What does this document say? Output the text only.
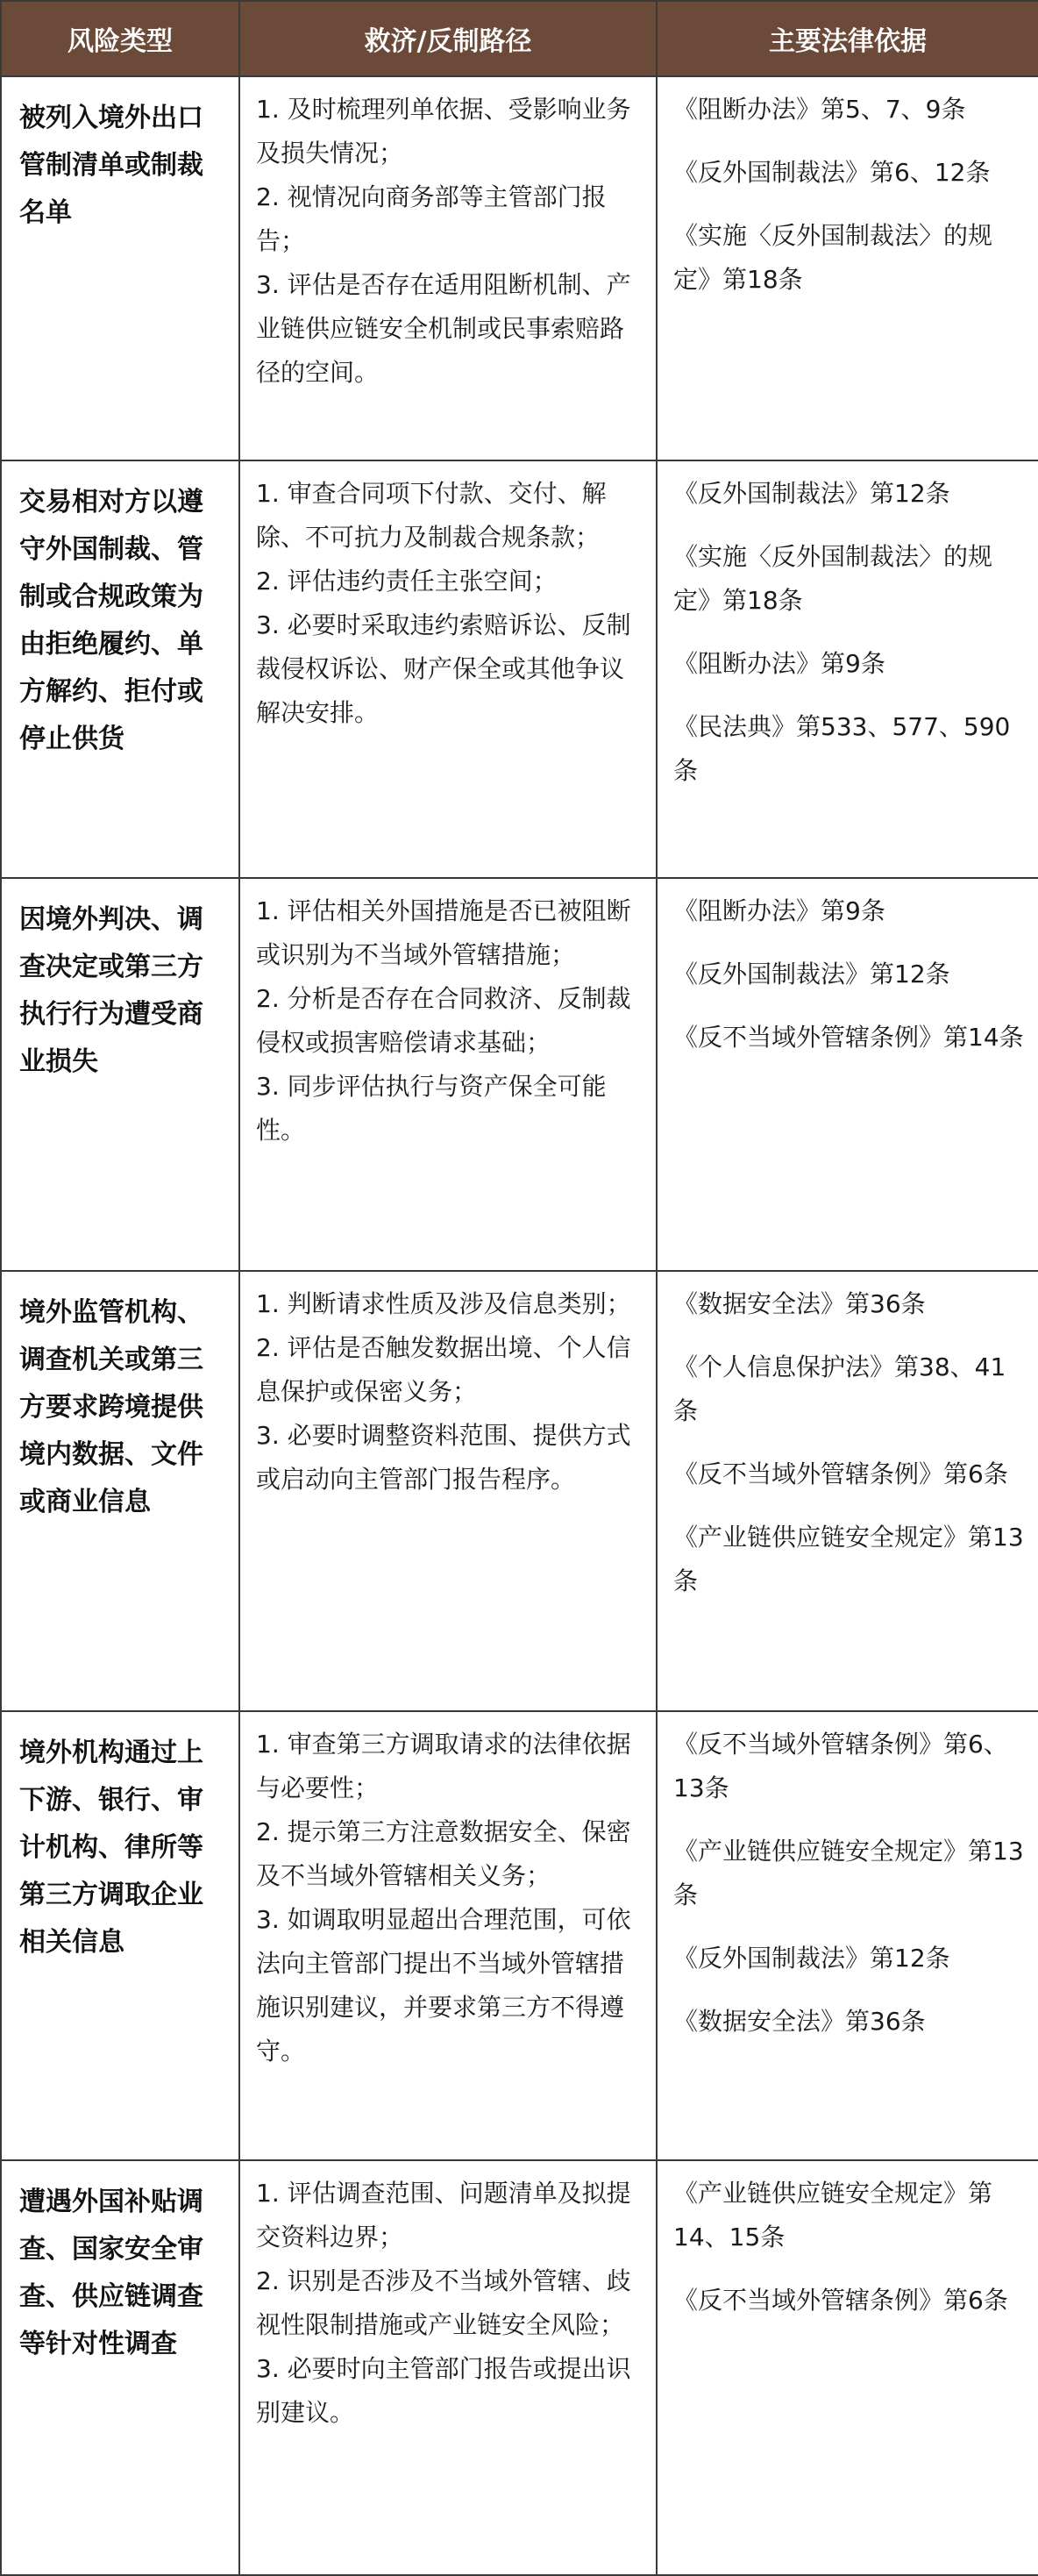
风险类型	救济/反制路径	主要法律依据
被列入境外出口管制清单或制裁名单	1. 及时梳理列单依据、受影响业务及损失情况；
2. 视情况向商务部等主管部门报告；
3. 评估是否存在适用阻断机制、产业链供应链安全机制或民事索赔路径的空间。	《阻断办法》第5、7、9条
《反外国制裁法》第6、12条
《实施〈反外国制裁法〉的规定》第18条

交易相对方以遵守外国制裁、管制或合规政策为由拒绝履约、单方解约、拒付或停止供货	1. 审查合同项下付款、交付、解除、不可抗力及制裁合规条款；
2. 评估违约责任主张空间；
3. 必要时采取违约索赔诉讼、反制裁侵权诉讼、财产保全或其他争议解决安排。	《反外国制裁法》第12条
《实施〈反外国制裁法〉的规定》第18条
《阻断办法》第9条
《民法典》第533、577、590条

因境外判决、调查决定或第三方执行行为遭受商业损失	1. 评估相关外国措施是否已被阻断或识别为不当域外管辖措施；
2. 分析是否存在合同救济、反制裁侵权或损害赔偿请求基础；
3. 同步评估执行与资产保全可能性。	《阻断办法》第9条
《反外国制裁法》第12条
《反不当域外管辖条例》第14条

境外监管机构、调查机关或第三方要求跨境提供境内数据、文件或商业信息	1. 判断请求性质及涉及信息类别；
2. 评估是否触发数据出境、个人信息保护或保密义务；
3. 必要时调整资料范围、提供方式或启动向主管部门报告程序。	《数据安全法》第36条
《个人信息保护法》第38、41条
《反不当域外管辖条例》第6条
《产业链供应链安全规定》第13条

境外机构通过上下游、银行、审计机构、律所等第三方调取企业相关信息	1. 审查第三方调取请求的法律依据与必要性；
2. 提示第三方注意数据安全、保密及不当域外管辖相关义务；
3. 如调取明显超出合理范围，可依法向主管部门提出不当域外管辖措施识别建议，并要求第三方不得遵守。	《反不当域外管辖条例》第6、13条
《产业链供应链安全规定》第13条
《反外国制裁法》第12条
《数据安全法》第36条

遭遇外国补贴调查、国家安全审查、供应链调查等针对性调查	1. 评估调查范围、问题清单及拟提交资料边界；
2. 识别是否涉及不当域外管辖、歧视性限制措施或产业链安全风险；
3. 必要时向主管部门报告或提出识别建议。	《产业链供应链安全规定》第14、15条
《反不当域外管辖条例》第6条
